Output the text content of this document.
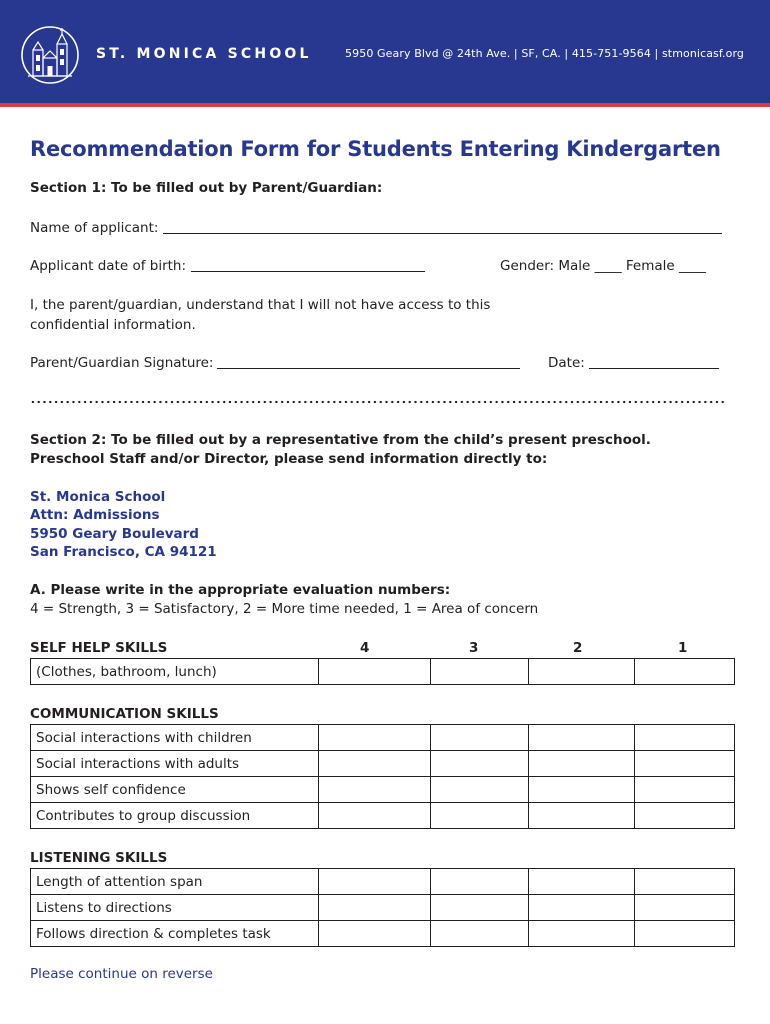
ST. MONICA SCHOOL	5950 Geary Blvd @ 24th Ave. | SF, CA. | 415-751-9564 | stmonicasf.org
Recommendation Form for Students Entering Kindergarten
Section 1: To be filled out by Parent/Guardian:
Name of applicant:
Applicant date of birth:	Gender: Male ____ Female ____
I, the parent/guardian, understand that I will not have access to this
confidential information.
Parent/Guardian Signature:	Date:
Section 2: To be filled out by a representative from the child’s present preschool.
Preschool Staff and/or Director, please send information directly to:
St. Monica School
Attn: Admissions
5950 Geary Boulevard
San Francisco, CA 94121
A. Please write in the appropriate evaluation numbers:
4 = Strength, 3 = Satisfactory, 2 = More time needed, 1 = Area of concern
SELF HELP SKILLS	4	3	2	1
(Clothes, bathroom, lunch)				
COMMUNICATION SKILLS
Social interactions with children				
Social interactions with adults				
Shows self confidence				
Contributes to group discussion				
LISTENING SKILLS
Length of attention span				
Listens to directions				
Follows direction & completes task				
Please continue on reverse
